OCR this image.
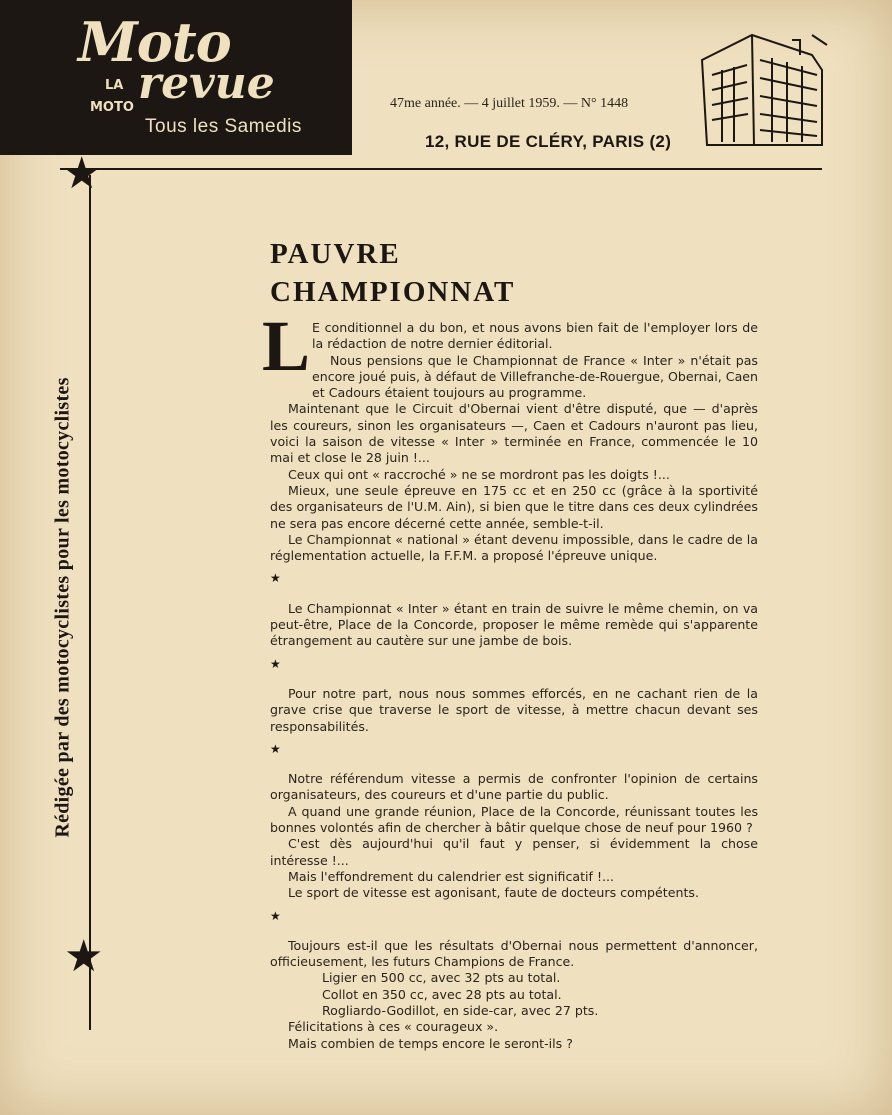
Moto
LA
MOTO revue
Tous les Samedis
47me année. — 4 juillet 1959. — N° 1448
12, RUE DE CLÉRY, PARIS (2)
★
★
Rédigée par des motocyclistes pour les motocyclistes
PAUVRE
CHAMPIONNAT
L E conditionnel a du bon, et nous avons bien fait de l'employer lors de la rédaction de notre dernier éditorial.

Nous pensions que le Championnat de France « Inter » n'était pas encore joué puis, à défaut de Villefranche-de-Rouergue, Obernai, Caen et Cadours étaient toujours au programme.

Maintenant que le Circuit d'Obernai vient d'être disputé, que — d'après les coureurs, sinon les organisateurs —, Caen et Cadours n'auront pas lieu, voici la saison de vitesse « Inter » terminée en France, commencée le 10 mai et close le 28 juin !...

Ceux qui ont « raccroché » ne se mordront pas les doigts !...

Mieux, une seule épreuve en 175 cc et en 250 cc (grâce à la sportivité des organisateurs de l'U.M. Ain), si bien que le titre dans ces deux cylindrées ne sera pas encore décerné cette année, semble-t-il.

Le Championnat « national » étant devenu impossible, dans le cadre de la réglementation actuelle, la F.F.M. a proposé l'épreuve unique.

★

Le Championnat « Inter » étant en train de suivre le même chemin, on va peut-être, Place de la Concorde, proposer le même remède qui s'apparente étrangement au cautère sur une jambe de bois.

★

Pour notre part, nous nous sommes efforcés, en ne cachant rien de la grave crise que traverse le sport de vitesse, à mettre chacun devant ses responsabilités.

★

Notre référendum vitesse a permis de confronter l'opinion de certains organisateurs, des coureurs et d'une partie du public.

A quand une grande réunion, Place de la Concorde, réunissant toutes les bonnes volontés afin de chercher à bâtir quelque chose de neuf pour 1960 ?

C'est dès aujourd'hui qu'il faut y penser, si évidemment la chose intéresse !...

Mais l'effondrement du calendrier est significatif !...

Le sport de vitesse est agonisant, faute de docteurs compétents.

★

Toujours est-il que les résultats d'Obernai nous permettent d'annoncer, officieusement, les futurs Champions de France.

Ligier en 500 cc, avec 32 pts au total.

Collot en 350 cc, avec 28 pts au total.

Rogliardo-Godillot, en side-car, avec 27 pts.

Félicitations à ces « courageux ».

Mais combien de temps encore le seront-ils ?
